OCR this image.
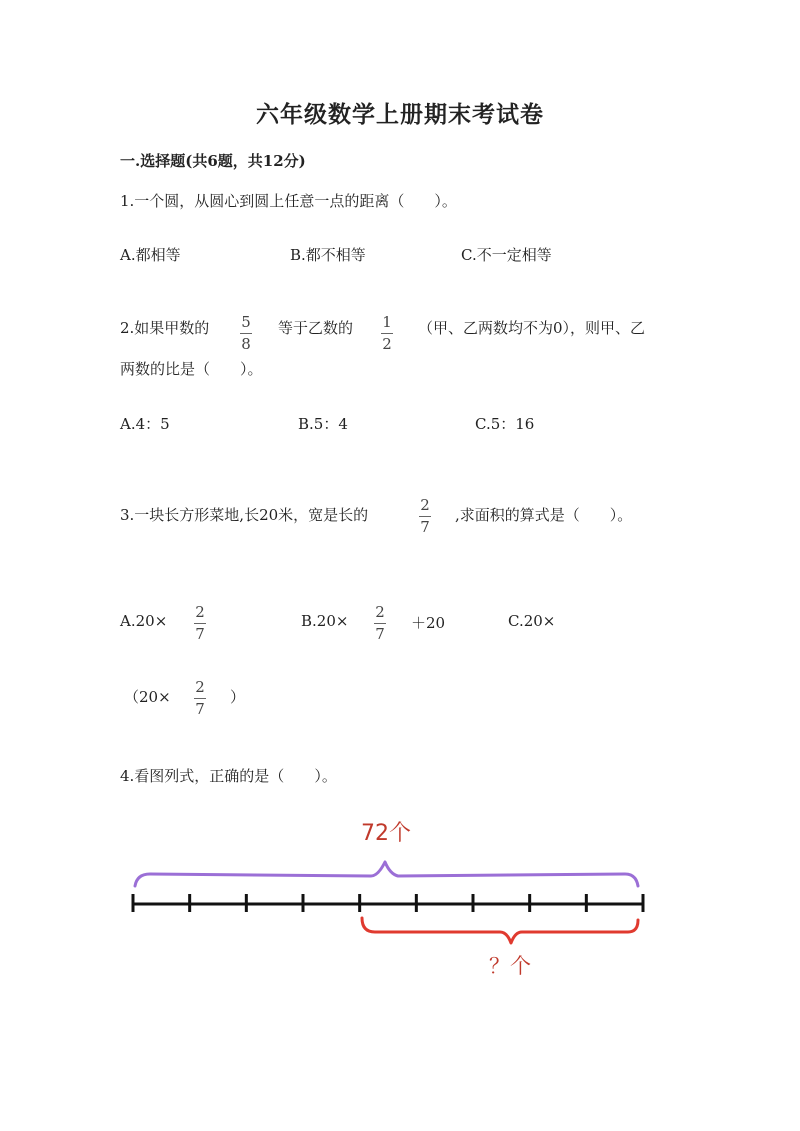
六年级数学上册期末考试卷
一.选择题(共6题，共12分)
1.一个圆，从圆心到圆上任意一点的距离（　　）。
A.都相等	B.都不相等	C.不一定相等
2.如果甲数的 5
8
等于乙数的 1
2
（甲、乙两数均不为0），则甲、乙
两数的比是（　　）。
A.4：5	B.5：4	C.5：16
3.一块长方形菜地,长20米，宽是长的
2
7
,求面积的算式是（　　）。
A.20× 2
7
B.20× 2
7
＋20	C.20×
（20×
2
7
）
4.看图列式，正确的是（　　）。
72个
？个
